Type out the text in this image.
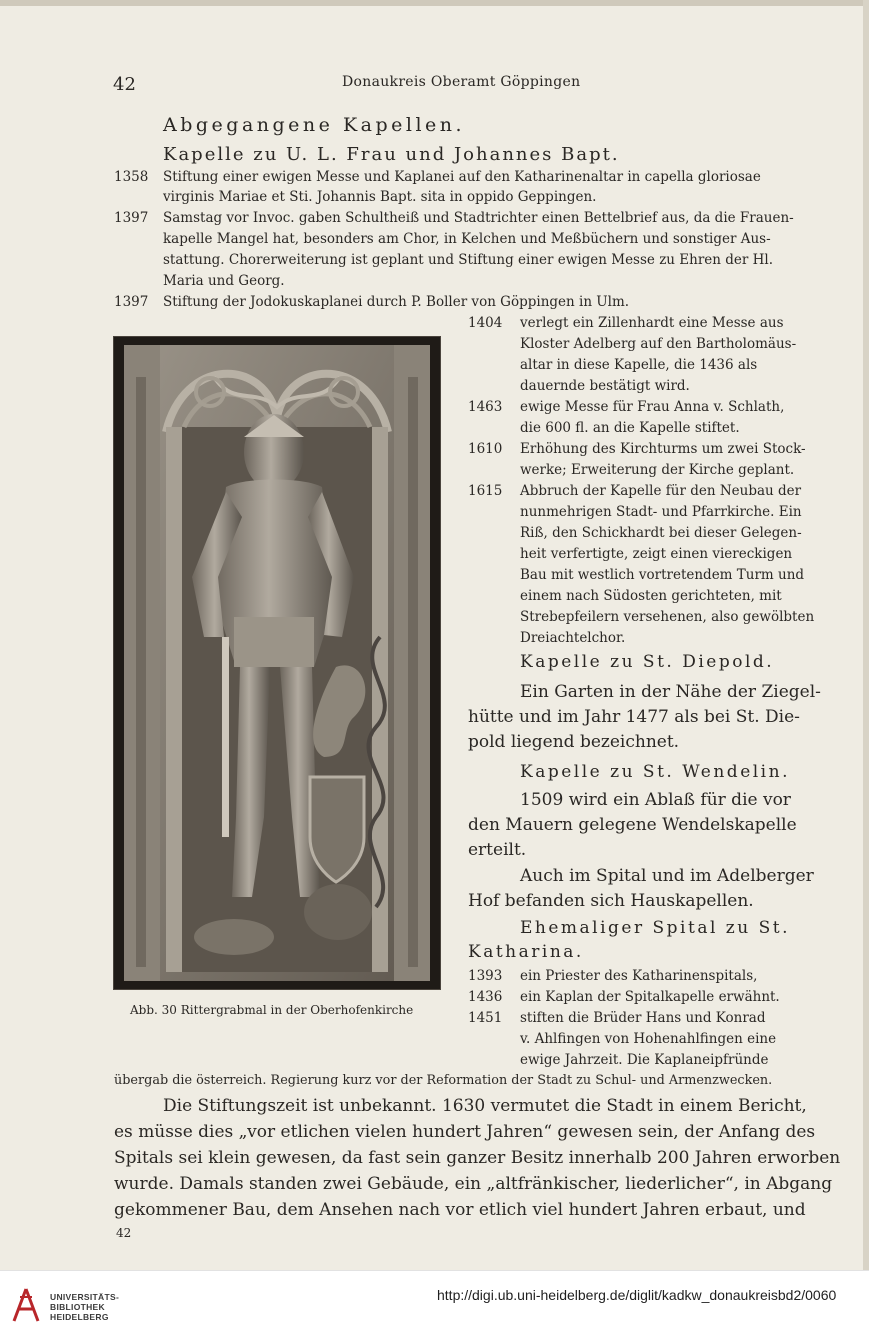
42	Donaukreis Oberamt Göppingen
Abgegangene Kapellen.
Kapelle zu U. L. Frau und Johannes Bapt.
1358 Stiftung einer ewigen Messe und Kaplanei auf den Katharinenaltar in capella gloriosae
virginis Mariae et Sti. Johannis Bapt. sita in oppido Geppingen.
1397 Samstag vor Invoc. gaben Schultheiß und Stadtrichter einen Bettelbrief aus, da die Frauen-
kapelle Mangel hat, besonders am Chor, in Kelchen und Meßbüchern und sonstiger Aus-
stattung. Chorerweiterung ist geplant und Stiftung einer ewigen Messe zu Ehren der Hl.
Maria und Georg.
1397 Stiftung der Jodokuskaplanei durch P. Boller von Göppingen in Ulm.
1404 verlegt ein Zillenhardt eine Messe aus
Kloster Adelberg auf den Bartholomäus-
altar in diese Kapelle, die 1436 als
dauernde bestätigt wird.
1463 ewige Messe für Frau Anna v. Schlath,
die 600 fl. an die Kapelle stiftet.
1610 Erhöhung des Kirchturms um zwei Stock-
werke; Erweiterung der Kirche geplant.
1615 Abbruch der Kapelle für den Neubau der
nunmehrigen Stadt- und Pfarrkirche. Ein
Riß, den Schickhardt bei dieser Gelegen-
heit verfertigte, zeigt einen viereckigen
Bau mit westlich vortretendem Turm und
einem nach Südosten gerichteten, mit
Strebepfeilern versehenen, also gewölbten
Dreiachtelchor.
Kapelle zu St. Diepold.
Ein Garten in der Nähe der Ziegel-
hütte und im Jahr 1477 als bei St. Die-
pold liegend bezeichnet.
Kapelle zu St. Wendelin.
1509 wird ein Ablaß für die vor
den Mauern gelegene Wendelskapelle
erteilt.
Auch im Spital und im Adelberger
Hof befanden sich Hauskapellen.
Ehemaliger Spital zu St.
Katharina.
1393 ein Priester des Katharinenspitals,
1436 ein Kaplan der Spitalkapelle erwähnt.
1451 stiften die Brüder Hans und Konrad
v. Ahlfingen von Hohenahlfingen eine
ewige Jahrzeit. Die Kaplaneipfründe
übergab die österreich. Regierung kurz vor der Reformation der Stadt zu Schul- und Armenzwecken.
Abb. 30 Rittergrabmal in der Oberhofenkirche
Die Stiftungszeit ist unbekannt. 1630 vermutet die Stadt in einem Bericht,
es müsse dies „vor etlichen vielen hundert Jahren“ gewesen sein, der Anfang des
Spitals sei klein gewesen, da fast sein ganzer Besitz innerhalb 200 Jahren erworben
wurde. Damals standen zwei Gebäude, ein „altfränkischer, liederlicher“, in Abgang
gekommener Bau, dem Ansehen nach vor etlich viel hundert Jahren erbaut, und
42
UNIVERSITÄTS-
BIBLIOTHEK
HEIDELBERG
http://digi.ub.uni-heidelberg.de/diglit/kadkw_donaukreisbd2/0060
